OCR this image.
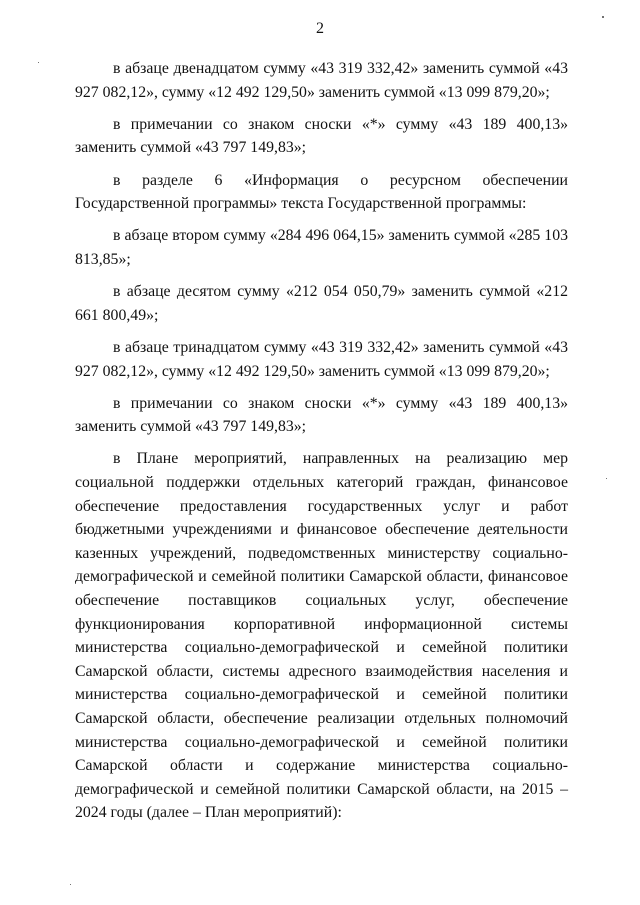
2

в абзаце двенадцатом сумму «43 319 332,42» заменить суммой «43 927 082,12», сумму «12 492 129,50» заменить суммой «13 099 879,20»;

в примечании со знаком сноски «*» сумму «43 189 400,13» заменить суммой «43 797 149,83»;

в разделе 6 «Информация о ресурсном обеспечении Государственной программы» текста Государственной программы:

в абзаце втором сумму «284 496 064,15» заменить суммой «285 103 813,85»;

в абзаце десятом сумму «212 054 050,79» заменить суммой «212 661 800,49»;

в абзаце тринадцатом сумму «43 319 332,42» заменить суммой «43 927 082,12», сумму «12 492 129,50» заменить суммой «13 099 879,20»;

в примечании со знаком сноски «*» сумму «43 189 400,13» заменить суммой «43 797 149,83»;

в Плане мероприятий, направленных на реализацию мер социальной поддержки отдельных категорий граждан, финансовое обеспечение предоставления государственных услуг и работ бюджетными учреждениями и финансовое обеспечение деятельности казенных учреждений, подведомственных министерству социально-демографической и семейной политики Самарской области, финансовое обеспечение поставщиков социальных услуг, обеспечение функционирования корпоративной информационной системы министерства социально-демографической и семейной политики Самарской области, системы адресного взаимодействия населения и министерства социально-демографической и семейной политики Самарской области, обеспечение реализации отдельных полномочий министерства социально-демографической и семейной политики Самарской области и содержание министерства социально-демографической и семейной политики Самарской области, на 2015 – 2024 годы (далее – План мероприятий):
